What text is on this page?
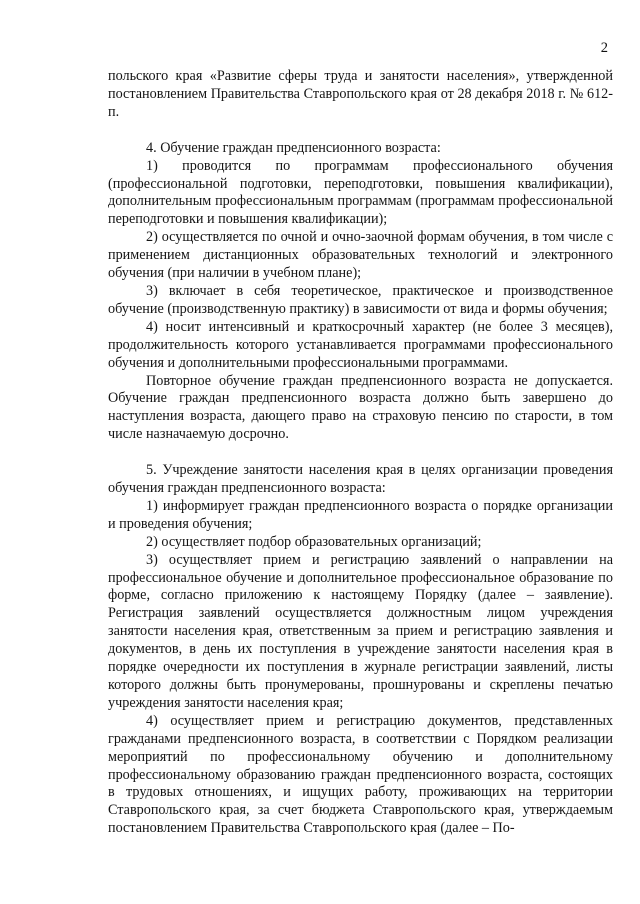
2

польского края «Развитие сферы труда и занятости населения», утвержденной постановлением Правительства Ставропольского края от 28 декабря 2018 г. № 612-п.

4. Обучение граждан предпенсионного возраста:

1) проводится по программам профессионального обучения (профессиональной подготовки, переподготовки, повышения квалификации), дополнительным профессиональным программам (программам профессиональной переподготовки и повышения квалификации);

2) осуществляется по очной и очно-заочной формам обучения, в том числе с применением дистанционных образовательных технологий и электронного обучения (при наличии в учебном плане);

3) включает в себя теоретическое, практическое и производственное обучение (производственную практику) в зависимости от вида и формы обучения;

4) носит интенсивный и краткосрочный характер (не более 3 месяцев), продолжительность которого устанавливается программами профессионального обучения и дополнительными профессиональными программами.

Повторное обучение граждан предпенсионного возраста не допускается. Обучение граждан предпенсионного возраста должно быть завершено до наступления возраста, дающего право на страховую пенсию по старости, в том числе назначаемую досрочно.

5. Учреждение занятости населения края в целях организации проведения обучения граждан предпенсионного возраста:

1) информирует граждан предпенсионного возраста о порядке организации и проведения обучения;

2) осуществляет подбор образовательных организаций;

3) осуществляет прием и регистрацию заявлений о направлении на профессиональное обучение и дополнительное профессиональное образование по форме, согласно приложению к настоящему Порядку (далее – заявление). Регистрация заявлений осуществляется должностным лицом учреждения занятости населения края, ответственным за прием и регистрацию заявления и документов, в день их поступления в учреждение занятости населения края в порядке очередности их поступления в журнале регистрации заявлений, листы которого должны быть пронумерованы, прошнурованы и скреплены печатью учреждения занятости населения края;

4) осуществляет прием и регистрацию документов, представленных гражданами предпенсионного возраста, в соответствии с Порядком реализации мероприятий по профессиональному обучению и дополнительному профессиональному образованию граждан предпенсионного возраста, состоящих в трудовых отношениях, и ищущих работу, проживающих на территории Ставропольского края, за счет бюджета Ставропольского края, утверждаемым постановлением Правительства Ставропольского края (далее – По-
